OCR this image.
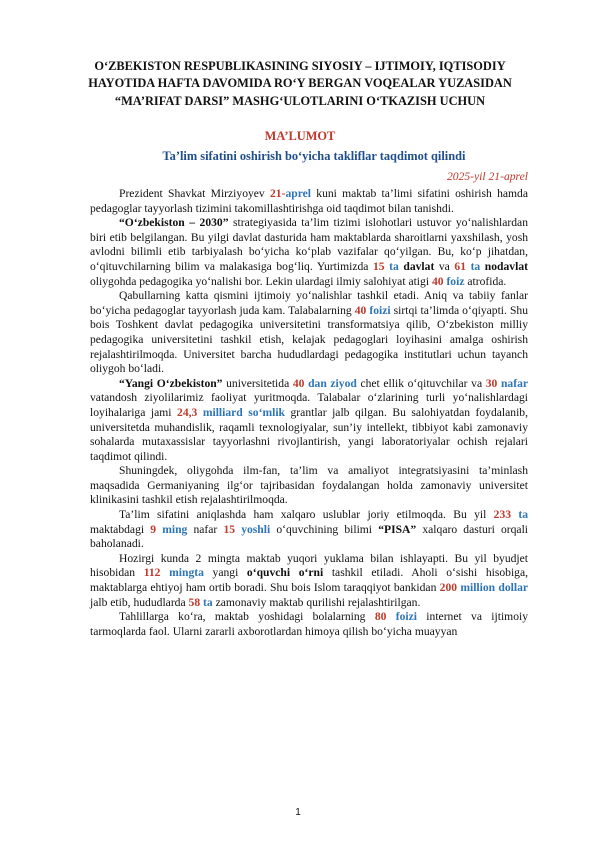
O‘ZBEKISTON RESPUBLIKASINING SIYOSIY – IJTIMOIY, IQTISODIY HAYOTIDA HAFTA DAVOMIDA RO‘Y BERGAN VOQEALAR YUZASIDAN “MA’RIFAT DARSI” MASHG‘ULOTLARINI O‘TKAZISH UCHUN
MA’LUMOT
Ta’lim sifatini oshirish bo‘yicha takliflar taqdimot qilindi
2025-yil 21-aprel

Prezident Shavkat Mirziyoyev 21-aprel kuni maktab ta’limi sifatini oshirish hamda pedagoglar tayyorlash tizimini takomillashtirishga oid taqdimot bilan tanishdi.

“O‘zbekiston – 2030” strategiyasida ta’lim tizimi islohotlari ustuvor yo‘nalishlardan biri etib belgilangan. Bu yilgi davlat dasturida ham maktablarda sharoitlarni yaxshilash, yosh avlodni bilimli etib tarbiyalash bo‘yicha ko‘plab vazifalar qo‘yilgan. Bu, ko‘p jihatdan, o‘qituvchilarning bilim va malakasiga bog‘liq. Yurtimizda 15 ta davlat va 61 ta nodavlat oliygohda pedagogika yo‘nalishi bor. Lekin ulardagi ilmiy salohiyat atigi 40 foiz atrofida.

Qabullarning katta qismini ijtimoiy yo‘nalishlar tashkil etadi. Aniq va tabiiy fanlar bo‘yicha pedagoglar tayyorlash juda kam. Talabalarning 40 foizi sirtqi ta’limda o‘qiyapti. Shu bois Toshkent davlat pedagogika universitetini transformatsiya qilib, O‘zbekiston milliy pedagogika universitetini tashkil etish, kelajak pedagoglari loyihasini amalga oshirish rejalashtirilmoqda. Universitet barcha hududlardagi pedagogika institutlari uchun tayanch oliygoh bo‘ladi.

“Yangi O‘zbekiston” universitetida 40 dan ziyod chet ellik o‘qituvchilar va 30 nafar vatandosh ziyolilarimiz faoliyat yuritmoqda. Talabalar o‘zlarining turli yo‘nalishlardagi loyihalariga jami 24,3 milliard so‘mlik grantlar jalb qilgan. Bu salohiyatdan foydalanib, universitetda muhandislik, raqamli texnologiyalar, sun’iy intellekt, tibbiyot kabi zamonaviy sohalarda mutaxassislar tayyorlashni rivojlantirish, yangi laboratoriyalar ochish rejalari taqdimot qilindi.

Shuningdek, oliygohda ilm-fan, ta’lim va amaliyot integratsiyasini ta’minlash maqsadida Germaniyaning ilg‘or tajribasidan foydalangan holda zamonaviy universitet klinikasini tashkil etish rejalashtirilmoqda.

Ta’lim sifatini aniqlashda ham xalqaro uslublar joriy etilmoqda. Bu yil 233 ta maktabdagi 9 ming nafar 15 yoshli o‘quvchining bilimi “PISA” xalqaro dasturi orqali baholanadi.

Hozirgi kunda 2 mingta maktab yuqori yuklama bilan ishlayapti. Bu yil byudjet hisobidan 112 mingta yangi o‘quvchi o‘rni tashkil etiladi. Aholi o‘sishi hisobiga, maktablarga ehtiyoj ham ortib boradi. Shu bois Islom taraqqiyot bankidan 200 million dollar jalb etib, hududlarda 58 ta zamonaviy maktab qurilishi rejalashtirilgan.

Tahlillarga ko‘ra, maktab yoshidagi bolalarning 80 foizi internet va ijtimoiy tarmoqlarda faol. Ularni zararli axborotlardan himoya qilish bo‘yicha muayyan

1
